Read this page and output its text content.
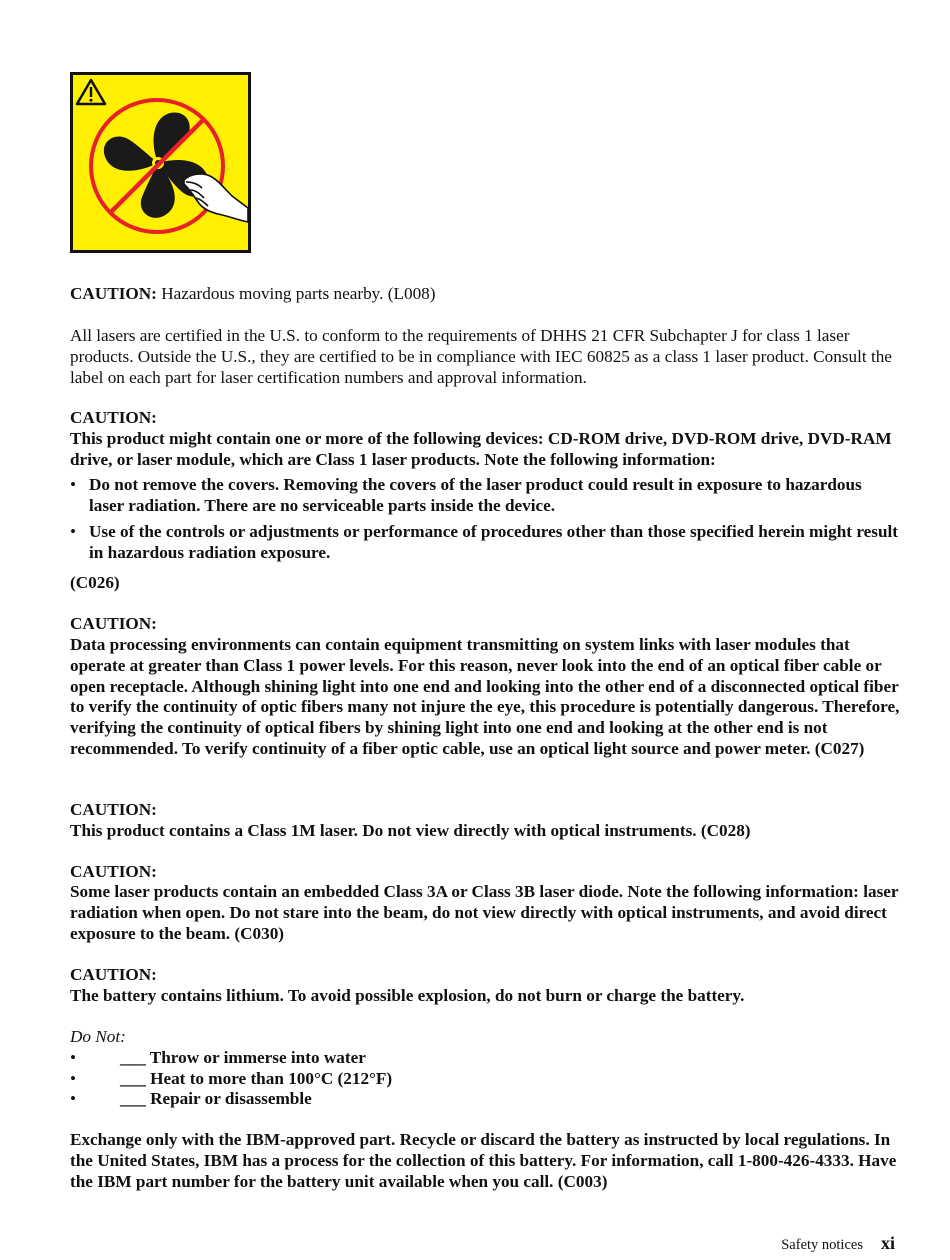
CAUTION: Hazardous moving parts nearby. (L008)

All lasers are certified in the U.S. to conform to the requirements of DHHS 21 CFR Subchapter J for class 1 laser products. Outside the U.S., they are certified to be in compliance with IEC 60825 as a class 1 laser product. Consult the label on each part for laser certification numbers and approval information.

CAUTION:

This product might contain one or more of the following devices: CD-ROM drive, DVD-ROM drive, DVD-RAM drive, or laser module, which are Class 1 laser products. Note the following information:

• Do not remove the covers. Removing the covers of the laser product could result in exposure to hazardous laser radiation. There are no serviceable parts inside the device.
• Use of the controls or adjustments or performance of procedures other than those specified herein might result in hazardous radiation exposure.

(C026)

CAUTION:

Data processing environments can contain equipment transmitting on system links with laser modules that operate at greater than Class 1 power levels. For this reason, never look into the end of an optical fiber cable or open receptacle. Although shining light into one end and looking into the other end of a disconnected optical fiber to verify the continuity of optic fibers many not injure the eye, this procedure is potentially dangerous. Therefore, verifying the continuity of optical fibers by shining light into one end and looking at the other end is not recommended. To verify continuity of a fiber optic cable, use an optical light source and power meter. (C027)

CAUTION:

This product contains a Class 1M laser. Do not view directly with optical instruments. (C028)

CAUTION:

Some laser products contain an embedded Class 3A or Class 3B laser diode. Note the following information: laser radiation when open. Do not stare into the beam, do not view directly with optical instruments, and avoid direct exposure to the beam. (C030)

CAUTION:

The battery contains lithium. To avoid possible explosion, do not burn or charge the battery.

Do Not:

•	___ Throw or immerse into water
•	___ Heat to more than 100°C (212°F)
•	___ Repair or disassemble

Exchange only with the IBM-approved part. Recycle or discard the battery as instructed by local regulations. In the United States, IBM has a process for the collection of this battery. For information, call 1-800-426-4333. Have the IBM part number for the battery unit available when you call. (C003)

Safety notices xi
